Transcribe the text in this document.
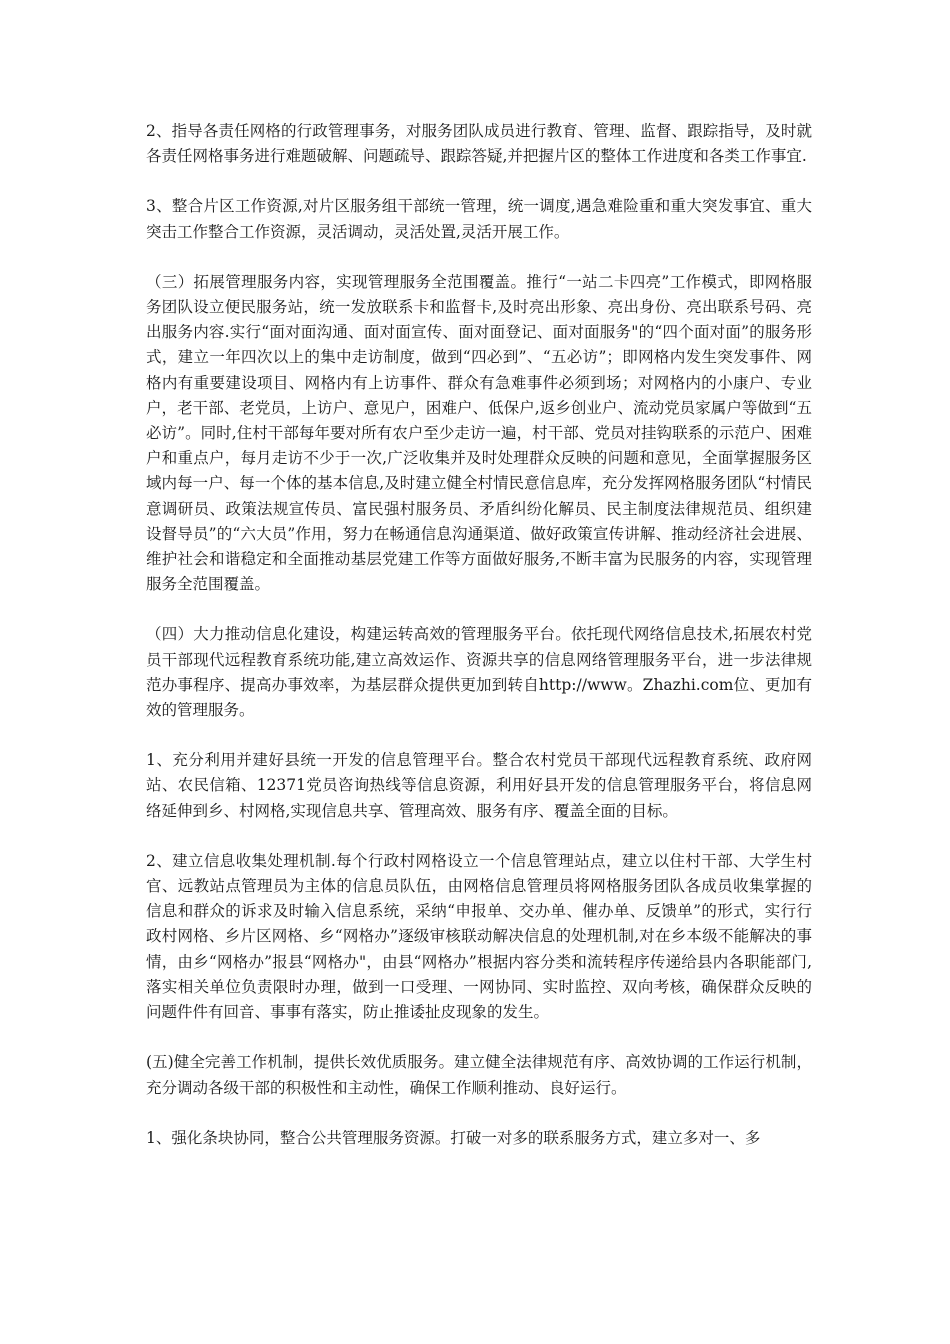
2、指导各责任网格的行政管理事务，对服务团队成员进行教育、管理、监督、跟踪指导，及时就各责任网格事务进行难题破解、问题疏导、跟踪答疑,并把握片区的整体工作进度和各类工作事宜.

3、整合片区工作资源,对片区服务组干部统一管理，统一调度,遇急难险重和重大突发事宜、重大突击工作整合工作资源，灵活调动，灵活处置,灵活开展工作。

（三）拓展管理服务内容，实现管理服务全范围覆盖。推行“一站二卡四亮”工作模式，即网格服务团队设立便民服务站，统一发放联系卡和监督卡,及时亮出形象、亮出身份、亮出联系号码、亮出服务内容.实行“面对面沟通、面对面宣传、面对面登记、面对面服务"的“四个面对面”的服务形式，建立一年四次以上的集中走访制度，做到“四必到”、“五必访”；即网格内发生突发事件、网格内有重要建设项目、网格内有上访事件、群众有急难事件必须到场；对网格内的小康户、专业户，老干部、老党员，上访户、意见户，困难户、低保户,返乡创业户、流动党员家属户等做到“五必访”。同时,住村干部每年要对所有农户至少走访一遍，村干部、党员对挂钩联系的示范户、困难户和重点户，每月走访不少于一次,广泛收集并及时处理群众反映的问题和意见，全面掌握服务区域内每一户、每一个体的基本信息,及时建立健全村情民意信息库，充分发挥网格服务团队“村情民意调研员、政策法规宣传员、富民强村服务员、矛盾纠纷化解员、民主制度法律规范员、组织建设督导员”的“六大员”作用，努力在畅通信息沟通渠道、做好政策宣传讲解、推动经济社会进展、维护社会和谐稳定和全面推动基层党建工作等方面做好服务,不断丰富为民服务的内容，实现管理服务全范围覆盖。

（四）大力推动信息化建设，构建运转高效的管理服务平台。依托现代网络信息技术,拓展农村党员干部现代远程教育系统功能,建立高效运作、资源共享的信息网络管理服务平台，进一步法律规范办事程序、提高办事效率，为基层群众提供更加到转自http://www。Zhazhi.com位、更加有效的管理服务。

1、充分利用并建好县统一开发的信息管理平台。整合农村党员干部现代远程教育系统、政府网站、农民信箱、12371党员咨询热线等信息资源，利用好县开发的信息管理服务平台，将信息网络延伸到乡、村网格,实现信息共享、管理高效、服务有序、覆盖全面的目标。

2、建立信息收集处理机制.每个行政村网格设立一个信息管理站点，建立以住村干部、大学生村官、远教站点管理员为主体的信息员队伍，由网格信息管理员将网格服务团队各成员收集掌握的信息和群众的诉求及时输入信息系统，采纳“申报单、交办单、催办单、反馈单”的形式，实行行政村网格、乡片区网格、乡“网格办”逐级审核联动解决信息的处理机制,对在乡本级不能解决的事情，由乡“网格办”报县“网格办"，由县“网格办”根据内容分类和流转程序传递给县内各职能部门,落实相关单位负责限时办理，做到一口受理、一网协同、实时监控、双向考核，确保群众反映的问题件件有回音、事事有落实，防止推诿扯皮现象的发生。

(五)健全完善工作机制，提供长效优质服务。建立健全法律规范有序、高效协调的工作运行机制，充分调动各级干部的积极性和主动性，确保工作顺利推动、良好运行。

1、强化条块协同，整合公共管理服务资源。打破一对多的联系服务方式，建立多对一、多
